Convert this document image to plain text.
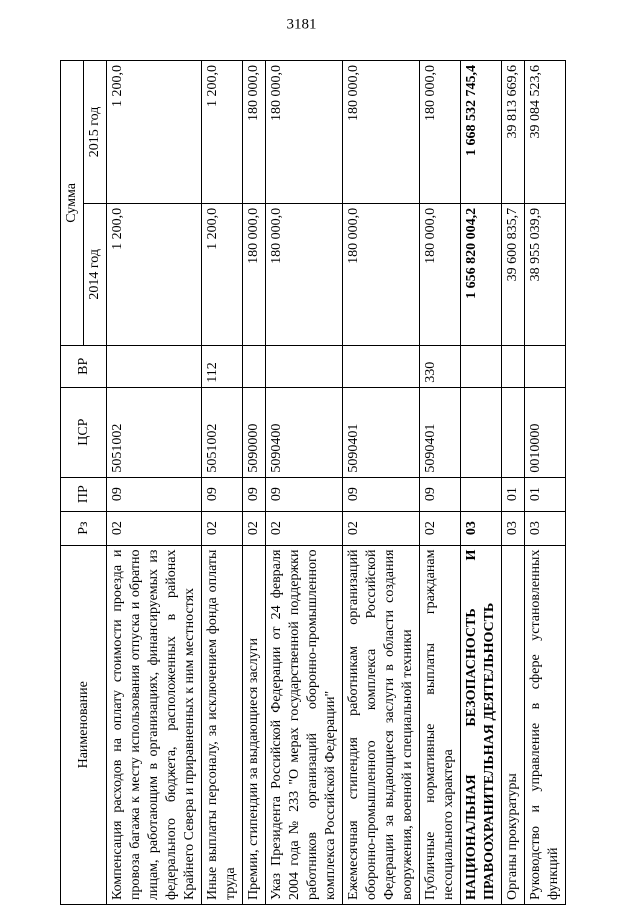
3181
Наименование	Рз	ПР	ЦСР	ВР	Сумма	
					2014 год	2015 год
Компенсация расходов на оплату стоимости проезда и провоза багажа к месту использования отпуска и обратно лицам, работающим в организациях, финансируемых из федерального бюджета, расположенных в районах Крайнего Севера и приравненных к ним местностях	02	09	5051002		1 200,0	1 200,0
Иные выплаты персоналу, за исключением фонда оплаты труда	02	09	5051002	112	1 200,0	1 200,0
Премии, стипендии за выдающиеся заслуги	02	09	5090000		180 000,0	180 000,0
Указ Президента Российской Федерации от 24 февраля 2004 года № 233 "О мерах государственной поддержки работников организаций оборонно-промышленного комплекса Российской Федерации"	02	09	5090400		180 000,0	180 000,0
Ежемесячная стипендия работникам организаций оборонно-промышленного комплекса Российской Федерации за выдающиеся заслуги в области создания вооружения, военной и специальной техники	02	09	5090401		180 000,0	180 000,0
Публичные нормативные выплаты гражданам несоциального характера	02	09	5090401	330	180 000,0	180 000,0
НАЦИОНАЛЬНАЯ БЕЗОПАСНОСТЬ И ПРАВООХРАНИТЕЛЬНАЯ ДЕЯТЕЛЬНОСТЬ	03				1 656 820 004,2	1 668 532 745,4
Органы прокуратуры	03	01			39 600 835,7	39 813 669,6
Руководство и управление в сфере установленных функций	03	01	0010000		38 955 039,9	39 084 523,6
